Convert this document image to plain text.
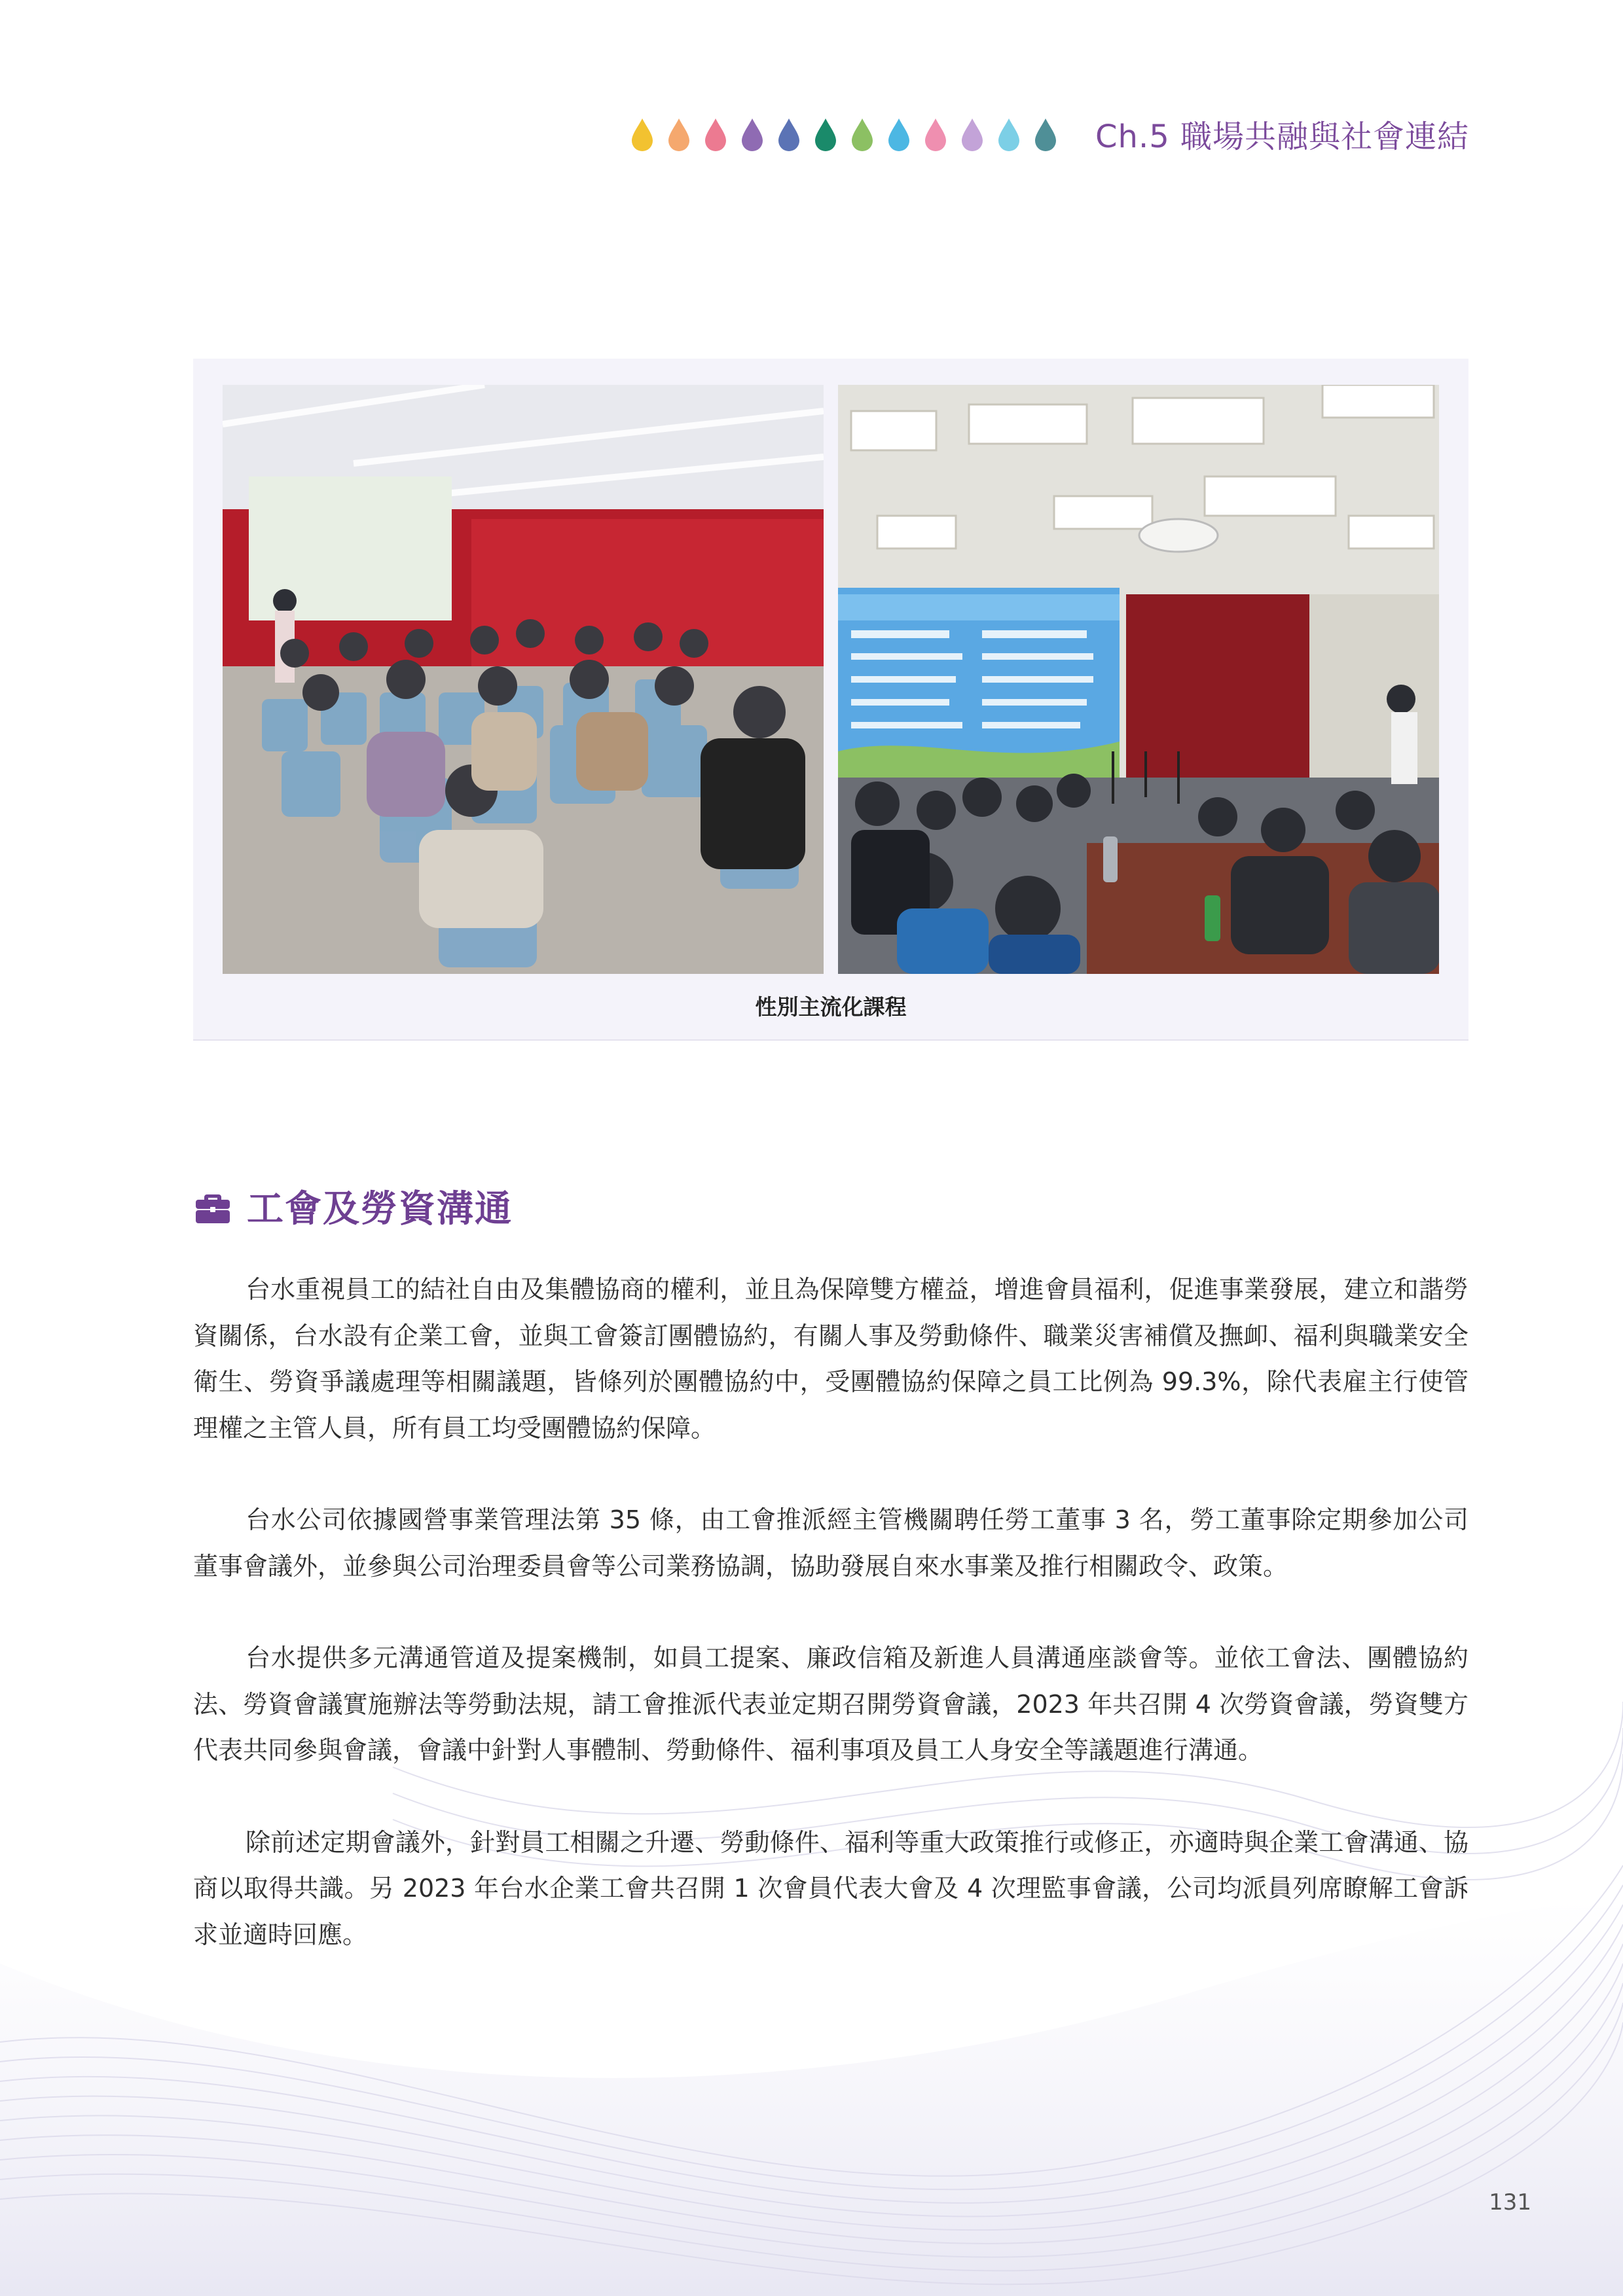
Ch.5 職場共融與社會連結
性別主流化課程
工會及勞資溝通

台水重視員工的結社自由及集體協商的權利，並且為保障雙方權益，增進會員福利，促進事業發展，建立和諧勞資關係，台水設有企業工會，並與工會簽訂團體協約，有關人事及勞動條件、職業災害補償及撫卹、福利與職業安全衛生、勞資爭議處理等相關議題，皆條列於團體協約中，受團體協約保障之員工比例為 99.3%，除代表雇主行使管理權之主管人員，所有員工均受團體協約保障。

台水公司依據國營事業管理法第 35 條，由工會推派經主管機關聘任勞工董事 3 名，勞工董事除定期參加公司董事會議外，並參與公司治理委員會等公司業務協調，協助發展自來水事業及推行相關政令、政策。

台水提供多元溝通管道及提案機制，如員工提案、廉政信箱及新進人員溝通座談會等。並依工會法、團體協約法、勞資會議實施辦法等勞動法規，請工會推派代表並定期召開勞資會議，2023 年共召開 4 次勞資會議，勞資雙方代表共同參與會議，會議中針對人事體制、勞動條件、福利事項及員工人身安全等議題進行溝通。

除前述定期會議外，針對員工相關之升遷、勞動條件、福利等重大政策推行或修正，亦適時與企業工會溝通、協商以取得共識。另 2023 年台水企業工會共召開 1 次會員代表大會及 4 次理監事會議，公司均派員列席瞭解工會訴求並適時回應。

131
